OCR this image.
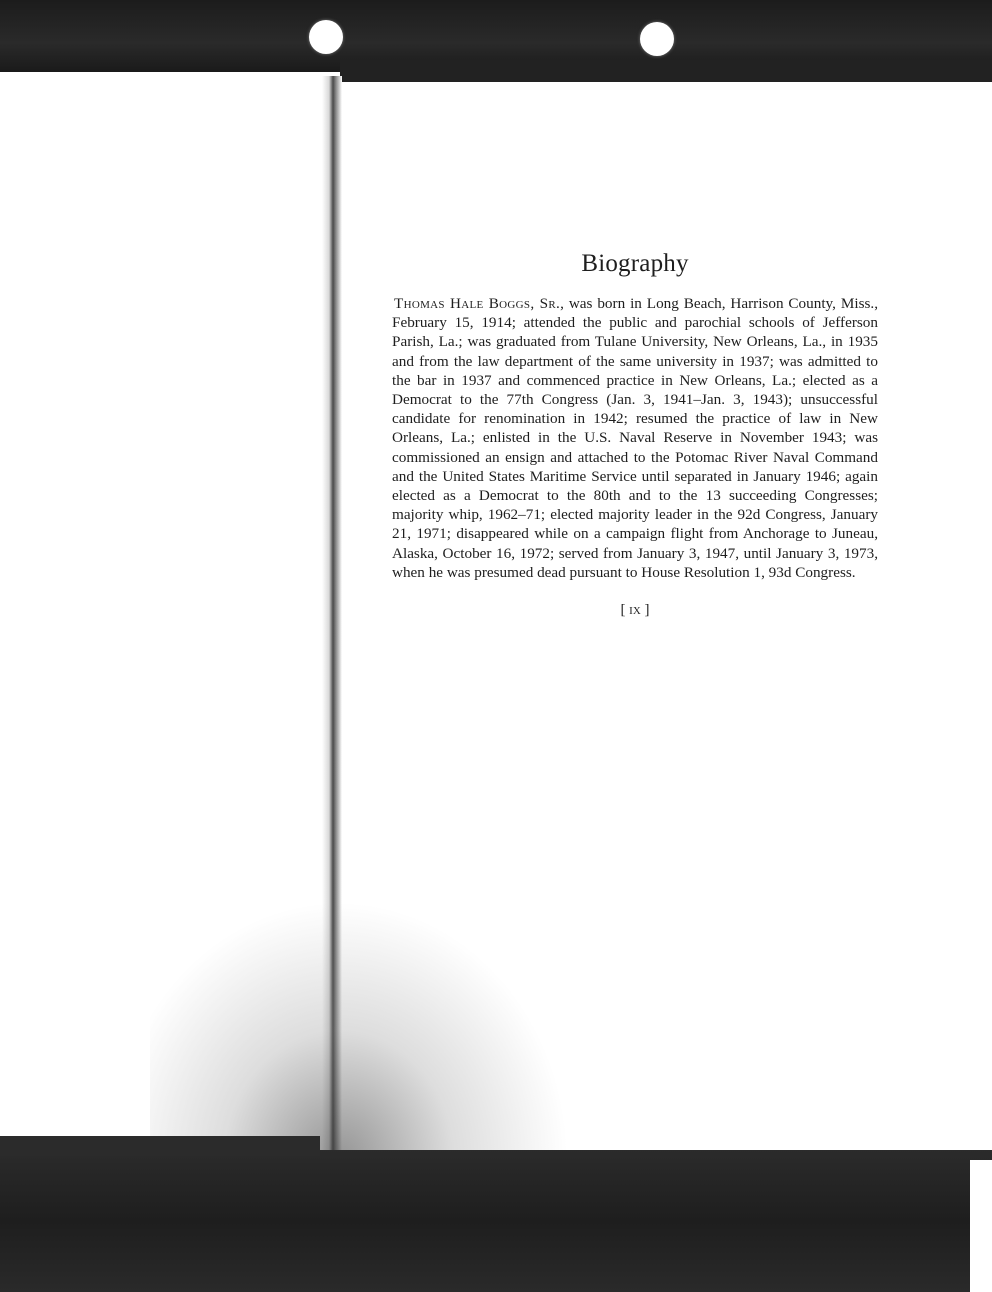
Biography

Thomas Hale Boggs, Sr., was born in Long Beach, Harrison County, Miss., February 15, 1914; attended the public and parochial schools of Jefferson Parish, La.; was graduated from Tulane University, New Orleans, La., in 1935 and from the law department of the same university in 1937; was admitted to the bar in 1937 and commenced practice in New Orleans, La.; elected as a Democrat to the 77th Congress (Jan. 3, 1941–Jan. 3, 1943); unsuccessful candidate for renomination in 1942; resumed the practice of law in New Orleans, La.; enlisted in the U.S. Naval Reserve in November 1943; was commissioned an ensign and attached to the Potomac River Naval Command and the United States Maritime Service until separated in January 1946; again elected as a Democrat to the 80th and to the 13 succeeding Congresses; majority whip, 1962–71; elected majority leader in the 92d Congress, January 21, 1971; disappeared while on a campaign flight from Anchorage to Juneau, Alaska, October 16, 1972; served from January 3, 1947, until January 3, 1973, when he was presumed dead pursuant to House Resolution 1, 93d Congress.

[ ix ]
